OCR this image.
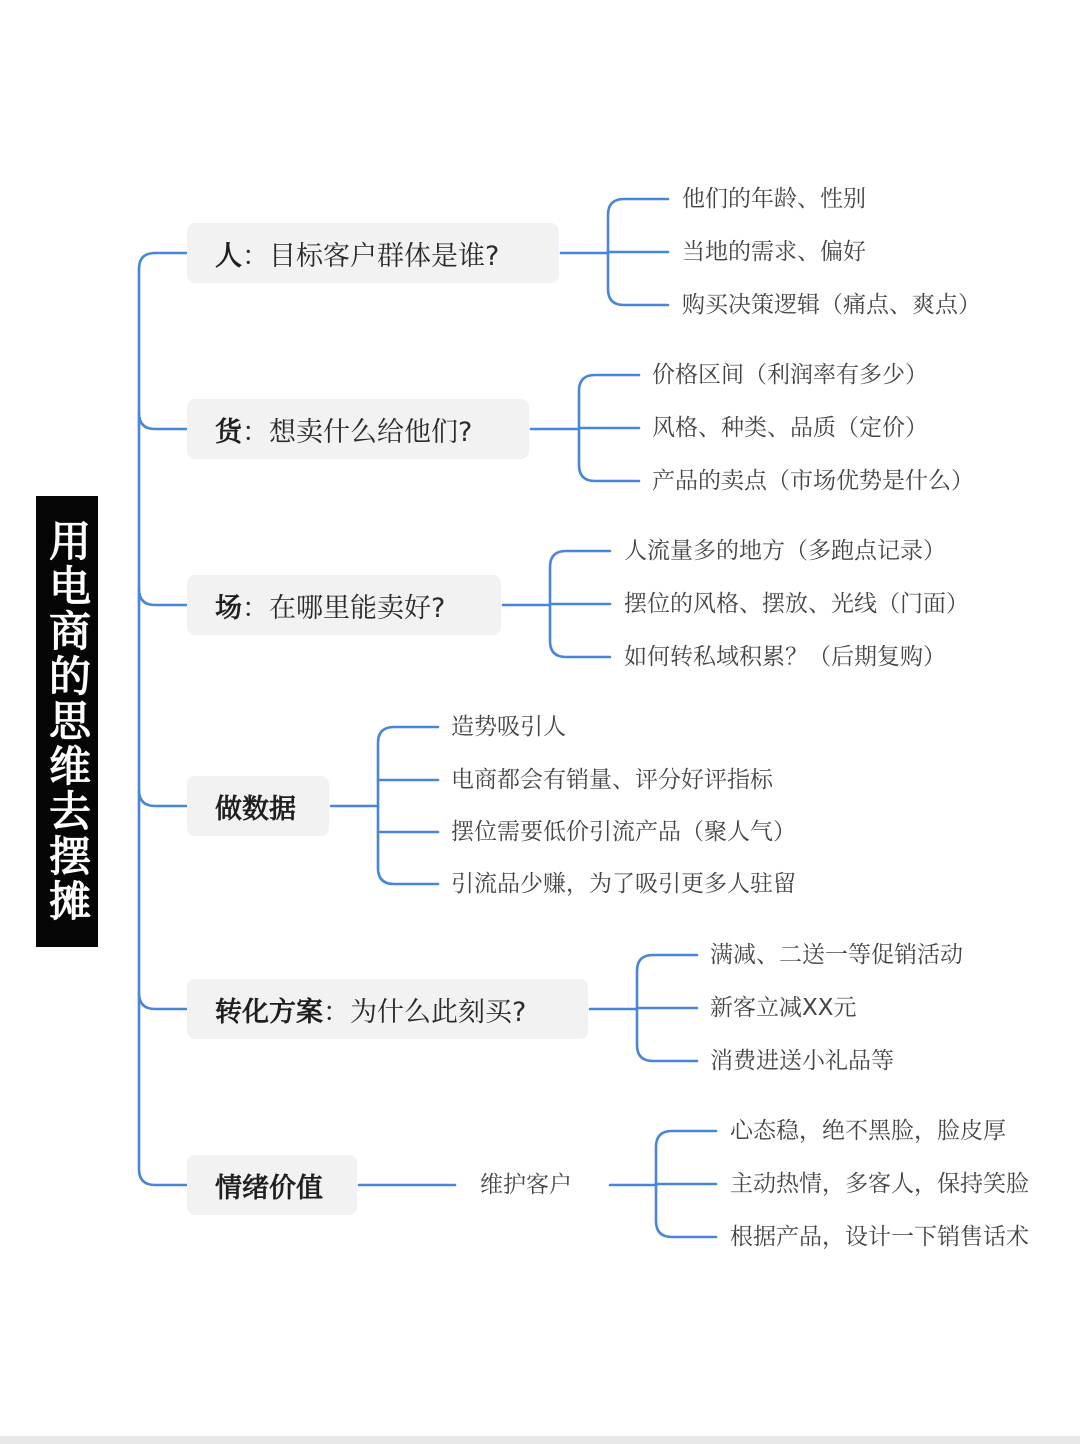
用电商的思维去摆摊
人 ：目标客户群体是谁?
他们的年龄、性别
当地的需求、偏好
购买决策逻辑（痛点、爽点）
货 ：想卖什么给他们?
价格区间（利润率有多少）
风格、种类、品质（定价）
产品的卖点（市场优势是什么）
场 ：在哪里能卖好?
人流量多的地方（多跑点记录）
摆位的风格、摆放、光线（门面）
如何转私域积累？（后期复购）
做数据
造势吸引人
电商都会有销量、评分好评指标
摆位需要低价引流产品（聚人气）
引流品少赚，为了吸引更多人驻留
转化方案 ：为什么此刻买?
满减、二送一等促销活动
新客立减XX元
消费进送小礼品等
情绪价值	维护客户
心态稳，绝不黑脸，脸皮厚
主动热情，多客人，保持笑脸
根据产品，设计一下销售话术
